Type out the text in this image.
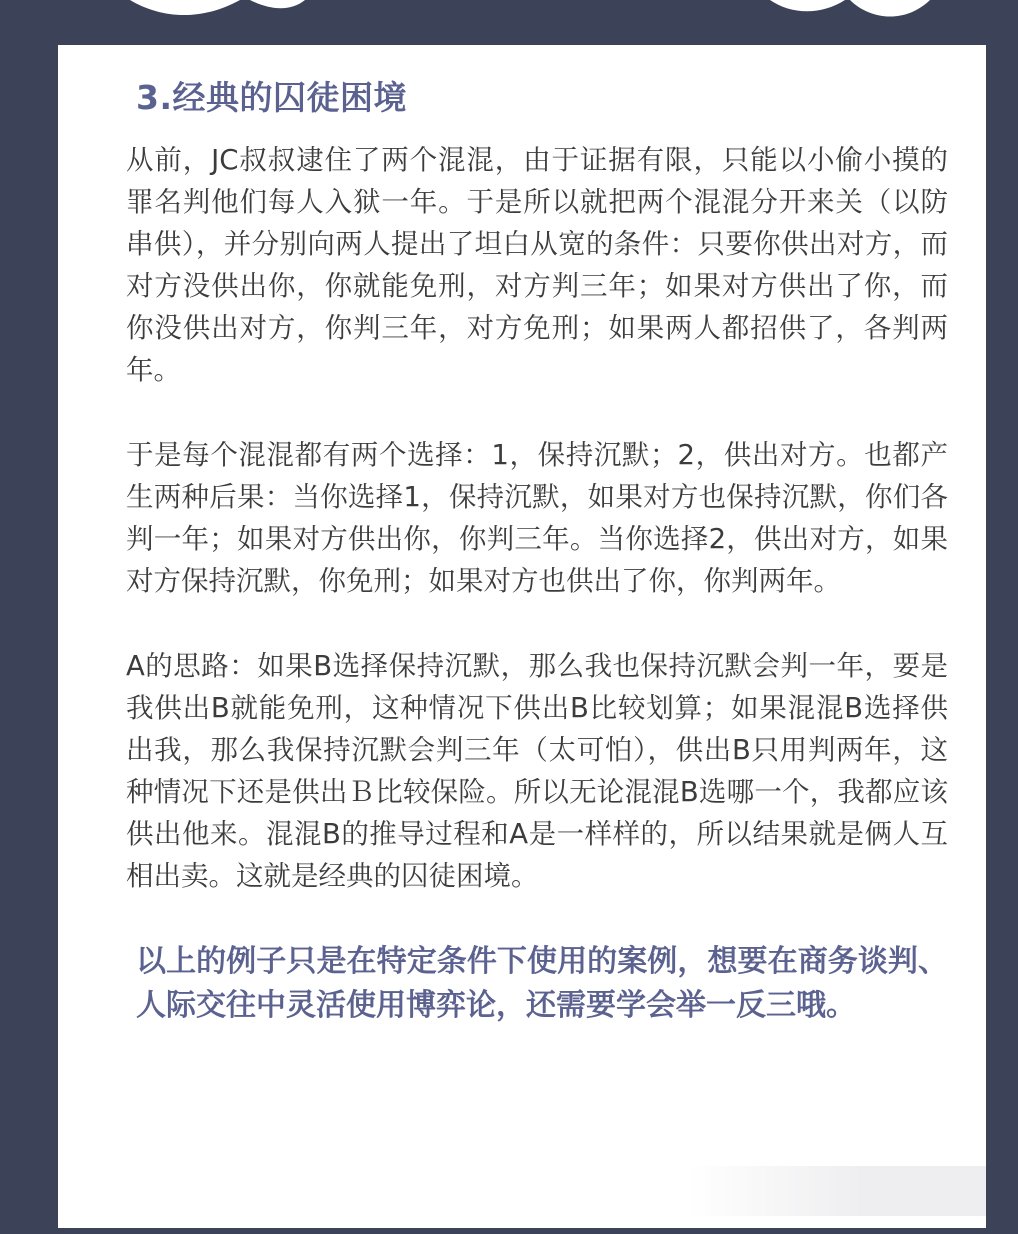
3.经典的囚徒困境

从前，JC叔叔逮住了两个混混，由于证据有限，只能以小偷小摸的罪名判他们每人入狱一年。于是所以就把两个混混分开来关（以防串供），并分别向两人提出了坦白从宽的条件：只要你供出对方，而对方没供出你，你就能免刑，对方判三年；如果对方供出了你，而你没供出对方，你判三年，对方免刑；如果两人都招供了，各判两年。

于是每个混混都有两个选择：1，保持沉默；2，供出对方。也都产生两种后果：当你选择1，保持沉默，如果对方也保持沉默，你们各判一年；如果对方供出你，你判三年。当你选择2，供出对方，如果对方保持沉默，你免刑；如果对方也供出了你，你判两年。

A的思路：如果B选择保持沉默，那么我也保持沉默会判一年，要是我供出B就能免刑，这种情况下供出B比较划算；如果混混B选择供出我，那么我保持沉默会判三年（太可怕），供出B只用判两年，这种情况下还是供出Ｂ比较保险。所以无论混混B选哪一个，我都应该供出他来。混混B的推导过程和A是一样样的，所以结果就是俩人互相出卖。这就是经典的囚徒困境。

以上的例子只是在特定条件下使用的案例，想要在商务谈判、人际交往中灵活使用博弈论，还需要学会举一反三哦。
